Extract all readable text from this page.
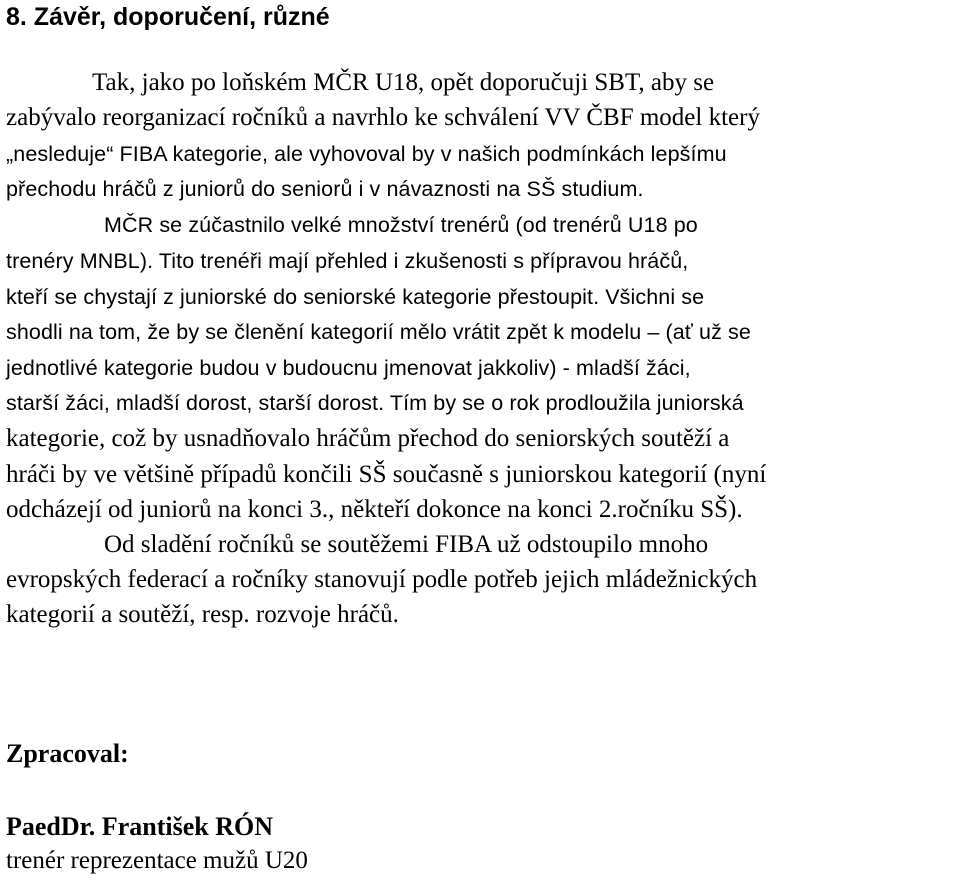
8. Závěr, doporučení, různé
Tak, jako po loňském MČR U18, opět doporučuji SBT, aby se
zabývalo reorganizací ročníků a navrhlo ke schválení VV ČBF model který
„nesleduje“ FIBA kategorie, ale vyhovoval by v našich podmínkách lepšímu
přechodu hráčů z juniorů do seniorů i v návaznosti na SŠ studium.
MČR se zúčastnilo velké množství trenérů (od trenérů U18 po
trenéry MNBL). Tito trenéři mají přehled i zkušenosti s přípravou hráčů,
kteří se chystají z juniorské do seniorské kategorie přestoupit. Všichni se
shodli na tom, že by se členění kategorií mělo vrátit zpět k modelu – (ať už se
jednotlivé kategorie budou v budoucnu jmenovat jakkoliv) - mladší žáci,
starší žáci, mladší dorost, starší dorost. Tím by se o rok prodloužila juniorská
kategorie, což by usnadňovalo hráčům přechod do seniorských soutěží a
hráči by ve většině případů končili SŠ současně s juniorskou kategorií (nyní
odcházejí od juniorů na konci 3., někteří dokonce na konci 2.ročníku SŠ).
Od sladění ročníků se soutěžemi FIBA už odstoupilo mnoho
evropských federací a ročníky stanovují podle potřeb jejich mládežnických
kategorií a soutěží, resp. rozvoje hráčů.
Zpracoval:
PaedDr. František RÓN
trenér reprezentace mužů U20
